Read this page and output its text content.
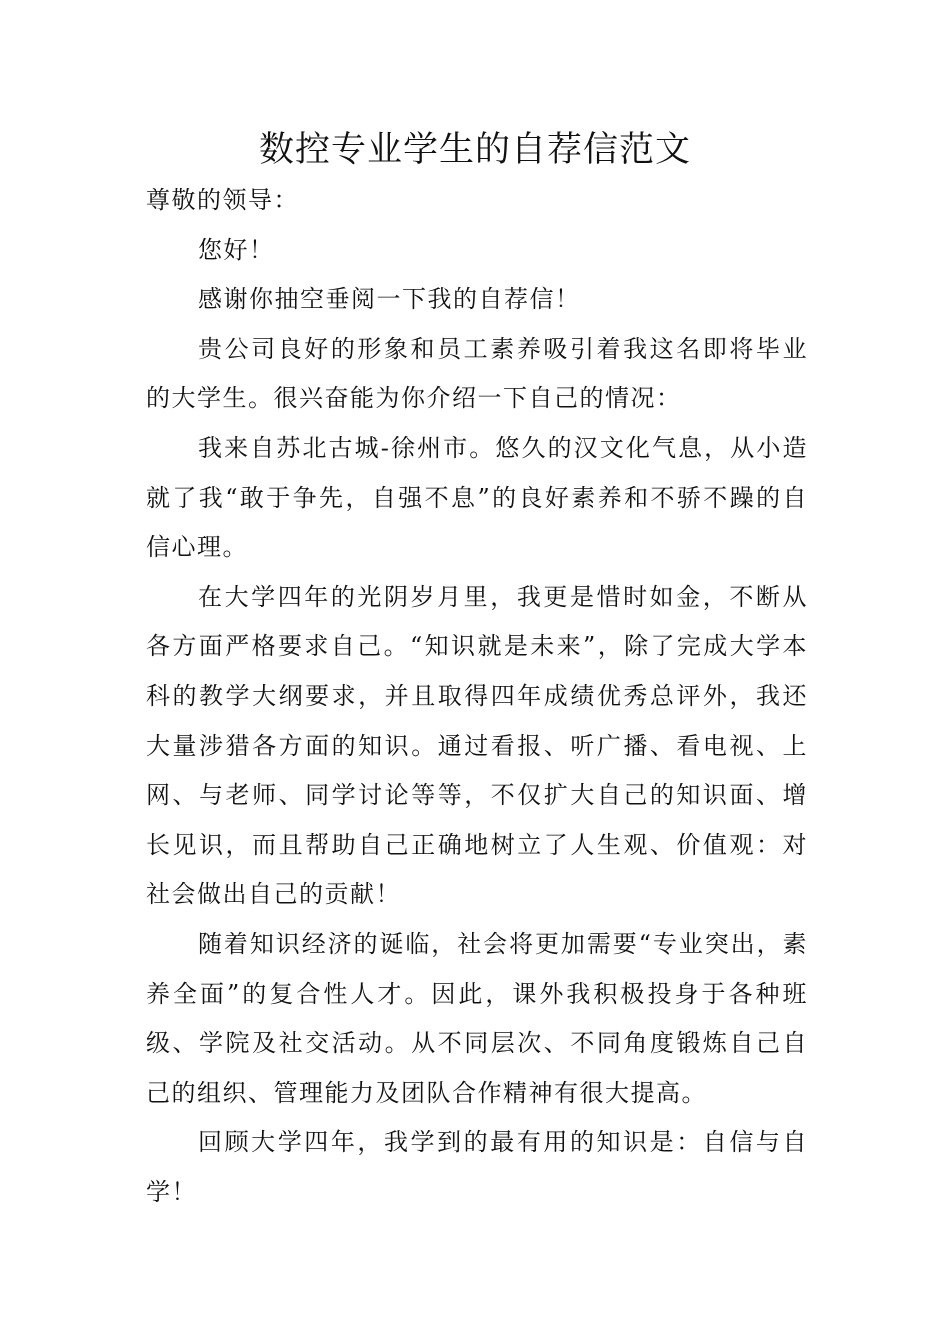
数控专业学生的自荐信范文

尊敬的领导：

您好！

感谢你抽空垂阅一下我的自荐信！

贵公司良好的形象和员工素养吸引着我这名即将毕业的大学生。很兴奋能为你介绍一下自己的情况：

我来自苏北古城-徐州市。悠久的汉文化气息，从小造就了我“敢于争先，自强不息”的良好素养和不骄不躁的自信心理。

在大学四年的光阴岁月里，我更是惜时如金，不断从各方面严格要求自己。“知识就是未来”，除了完成大学本科的教学大纲要求，并且取得四年成绩优秀总评外，我还大量涉猎各方面的知识。通过看报、听广播、看电视、上网、与老师、同学讨论等等，不仅扩大自己的知识面、增长见识，而且帮助自己正确地树立了人生观、价值观：对社会做出自己的贡献！

随着知识经济的诞临，社会将更加需要“专业突出，素养全面”的复合性人才。因此，课外我积极投身于各种班级、学院及社交活动。从不同层次、不同角度锻炼自己自己的组织、管理能力及团队合作精神有很大提高。

回顾大学四年，我学到的最有用的知识是：自信与自学！
